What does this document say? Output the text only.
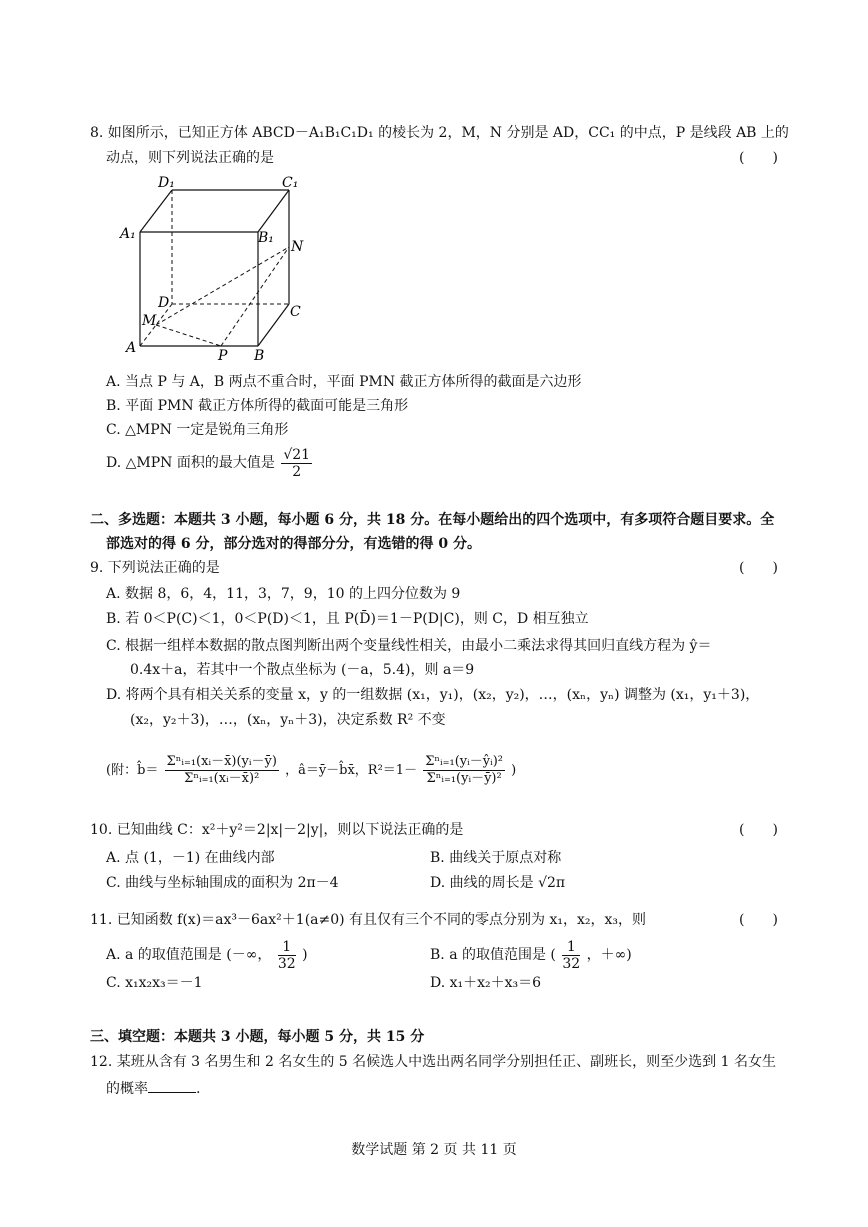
8. 如图所示，已知正方体 ABCD－A₁B₁C₁D₁ 的棱长为 2，M，N 分别是 AD，CC₁ 的中点，P 是线段 AB 上的
动点，则下列说法正确的是	(　　)
D₁	C₁
A₁	B₁
N
D
M
C
A	P B
A. 当点 P 与 A，B 两点不重合时，平面 PMN 截正方体所得的截面是六边形
B. 平面 PMN 截正方体所得的截面可能是三角形
C. △MPN 一定是锐角三角形
D. △MPN 面积的最大值是 $\frac{√21}{2}$
二、多选题：本题共 3 小题，每小题 6 分，共 18 分。在每小题给出的四个选项中，有多项符合题目要求。全
部选对的得 6 分，部分选对的得部分分，有选错的得 0 分。
9. 下列说法正确的是	(　　)
A. 数据 8，6，4，11，3，7，9，10 的上四分位数为 9
B. 若 0＜P(C)＜1，0＜P(D)＜1，且 P(D̄)＝1－P(D|C)，则 C，D 相互独立
C. 根据一组样本数据的散点图判断出两个变量线性相关，由最小二乘法求得其回归直线方程为 ŷ＝
0.4x＋a，若其中一个散点坐标为 (－a，5.4)，则 a＝9
D. 将两个具有相关关系的变量 x，y 的一组数据 (x₁，y₁)，(x₂，y₂)，…，(xₙ，yₙ) 调整为 (x₁，y₁＋3)，
(x₂，y₂＋3)，…，(xₙ，yₙ＋3)，决定系数 R² 不变
(附：b̂＝ $\frac{\text{Σⁿᵢ₌₁(xᵢ－x̄)(yᵢ－ȳ)}}{\text{Σⁿᵢ₌₁(xᵢ－x̄)²}}$ ，â＝ȳ－b̂x̄，$R^2=1- \frac{\text{Σⁿᵢ₌₁(yᵢ－ŷᵢ)²}}{\text{Σⁿᵢ₌₁(yᵢ－ȳ)²}}$ )
10. 已知曲线 C：x²＋y²＝2|x|－2|y|，则以下说法正确的是	(　　)
A. 点 (1，－1) 在曲线内部	B. 曲线关于原点对称
C. 曲线与坐标轴围成的面积为 2π－4	D. 曲线的周长是 √2π
11. 已知函数 f(x)＝ax³－6ax²＋1(a≠0) 有且仅有三个不同的零点分别为 x₁，x₂，x₃，则	(　　)
A. a 的取值范围是 (－∞， $\frac{1}{32}$ )	B. a 的取值范围是 ( $\frac{1}{32}$ ，＋∞)
C. x₁x₂x₃＝－1	D. x₁＋x₂＋x₃＝6
三、填空题：本题共 3 小题，每小题 5 分，共 15 分
12. 某班从含有 3 名男生和 2 名女生的 5 名候选人中选出两名同学分别担任正、副班长，则至少选到 1 名女生
的概率	.
数学试题 第 2 页 共 11 页
